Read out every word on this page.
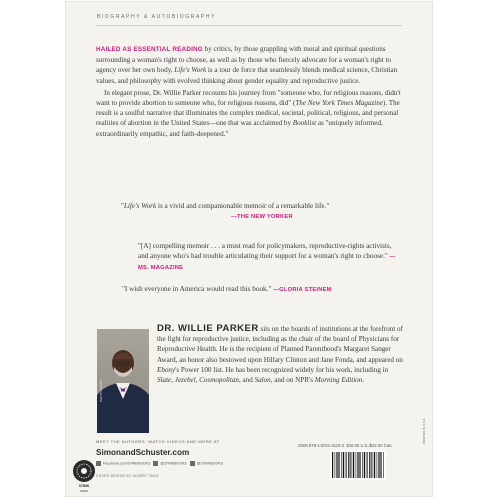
BIOGRAPHY & AUTOBIOGRAPHY

HAILED AS ESSENTIAL READING by critics, by those grappling with moral and spiritual questions surrounding a woman's right to choose, as well as by those who fiercely advocate for a woman's right to agency over her own body, Life's Work is a tour de force that seamlessly blends medical science, Christian values, and philosophy with evolved thinking about gender equality and reproductive justice.

In elegant prose, Dr. Willie Parker recounts his journey from "someone who, for religious reasons, didn't want to provide abortion to someone who, for religious reasons, did" (The New York Times Magazine). The result is a soulful narrative that illuminates the complex medical, societal, political, religious, and personal realities of abortion in the United States—one that was acclaimed by Booklist as "uniquely informed, extraordinarily empathic, and faith-deepened."

"Life's Work is a vivid and companionable memoir of a remarkable life."
—THE NEW YORKER
"[A] compelling memoir . . . a must read for policymakers, reproductive-rights activists, and anyone who's had trouble articulating their support for a woman's right to choose." —MS. MAGAZINE
"I wish everyone in America would read this book." —GLORIA STEINEM
PHOTO CREDIT
DR. WILLIE PARKER sits on the boards of institutions at the forefront of the fight for reproductive justice, including as the chair of the board of Physicians for Reproductive Health. He is the recipient of Planned Parenthood's Margaret Sanger Award, an honor also bestowed upon Hillary Clinton and Jane Fonda, and appeared on Ebony's Power 100 list. He has been recognized widely for his work, including in Slate, Jezebel, Cosmopolitan, and Salon, and on NPR's Morning Edition.
MEET THE AUTHORS, WATCH VIDEOS AND MORE AT
SimonandSchuster.com
37INK
ATRIA
Facebook.com/37INKBOOKS	@37INKBOOKS	@37INKBOOKS
COVER DESIGN BY ALBERT TANG
ISBN 978-1-5011-5115-2 $16.00 U.S./$22.00 Can.
PRINTED IN U.S.A.
